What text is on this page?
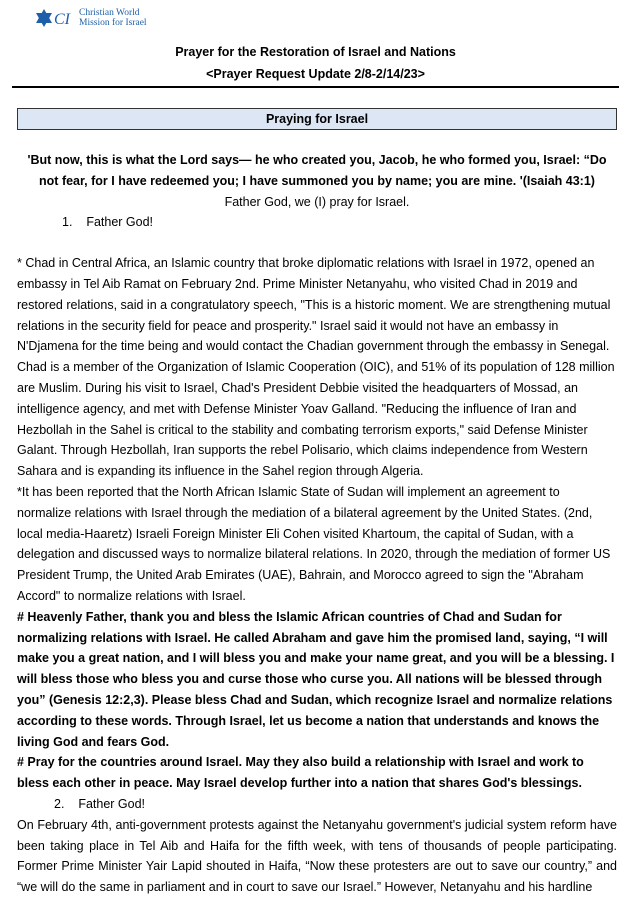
CI Christian World
Mission for Israel
Prayer for the Restoration of Israel and Nations
<Prayer Request Update 2/8-2/14/23>
Praying for Israel

'But now, this is what the Lord says— he who created you, Jacob, he who formed you, Israel: “Do not fear, for I have redeemed you; I have summoned you by name; you are mine. '(Isaiah 43:1)

Father God, we (I) pray for Israel.

1.    Father God!

* Chad in Central Africa, an Islamic country that broke diplomatic relations with Israel in 1972, opened an embassy in Tel Aib Ramat on February 2nd. Prime Minister Netanyahu, who visited Chad in 2019 and restored relations, said in a congratulatory speech, "This is a historic moment. We are strengthening mutual relations in the security field for peace and prosperity." Israel said it would not have an embassy in N'Djamena for the time being and would contact the Chadian government through the embassy in Senegal. Chad is a member of the Organization of Islamic Cooperation (OIC), and 51% of its population of 128 million are Muslim. During his visit to Israel, Chad's President Debbie visited the headquarters of Mossad, an intelligence agency, and met with Defense Minister Yoav Galland. "Reducing the influence of Iran and Hezbollah in the Sahel is critical to the stability and combating terrorism exports," said Defense Minister Galant. Through Hezbollah, Iran supports the rebel Polisario, which claims independence from Western Sahara and is expanding its influence in the Sahel region through Algeria.

*It has been reported that the North African Islamic State of Sudan will implement an agreement to normalize relations with Israel through the mediation of a bilateral agreement by the United States. (2nd, local media-Haaretz) Israeli Foreign Minister Eli Cohen visited Khartoum, the capital of Sudan, with a delegation and discussed ways to normalize bilateral relations. In 2020, through the mediation of former US President Trump, the United Arab Emirates (UAE), Bahrain, and Morocco agreed to sign the "Abraham Accord" to normalize relations with Israel.

# Heavenly Father, thank you and bless the Islamic African countries of Chad and Sudan for normalizing relations with Israel. He called Abraham and gave him the promised land, saying, “I will make you a great nation, and I will bless you and make your name great, and you will be a blessing. I will bless those who bless you and curse those who curse you. All nations will be blessed through you” (Genesis 12:2,3). Please bless Chad and Sudan, which recognize Israel and normalize relations according to these words. Through Israel, let us become a nation that understands and knows the living God and fears God.

# Pray for the countries around Israel. May they also build a relationship with Israel and work to bless each other in peace. May Israel develop further into a nation that shares God's blessings.

2.    Father God!

On February 4th, anti-government protests against the Netanyahu government's judicial system reform have been taking place in Tel Aib and Haifa for the fifth week, with tens of thousands of people participating. Former Prime Minister Yair Lapid shouted in Haifa, “Now these protesters are out to save our country,” and “we will do the same in parliament and in court to save our Israel.” However, Netanyahu and his hardline
